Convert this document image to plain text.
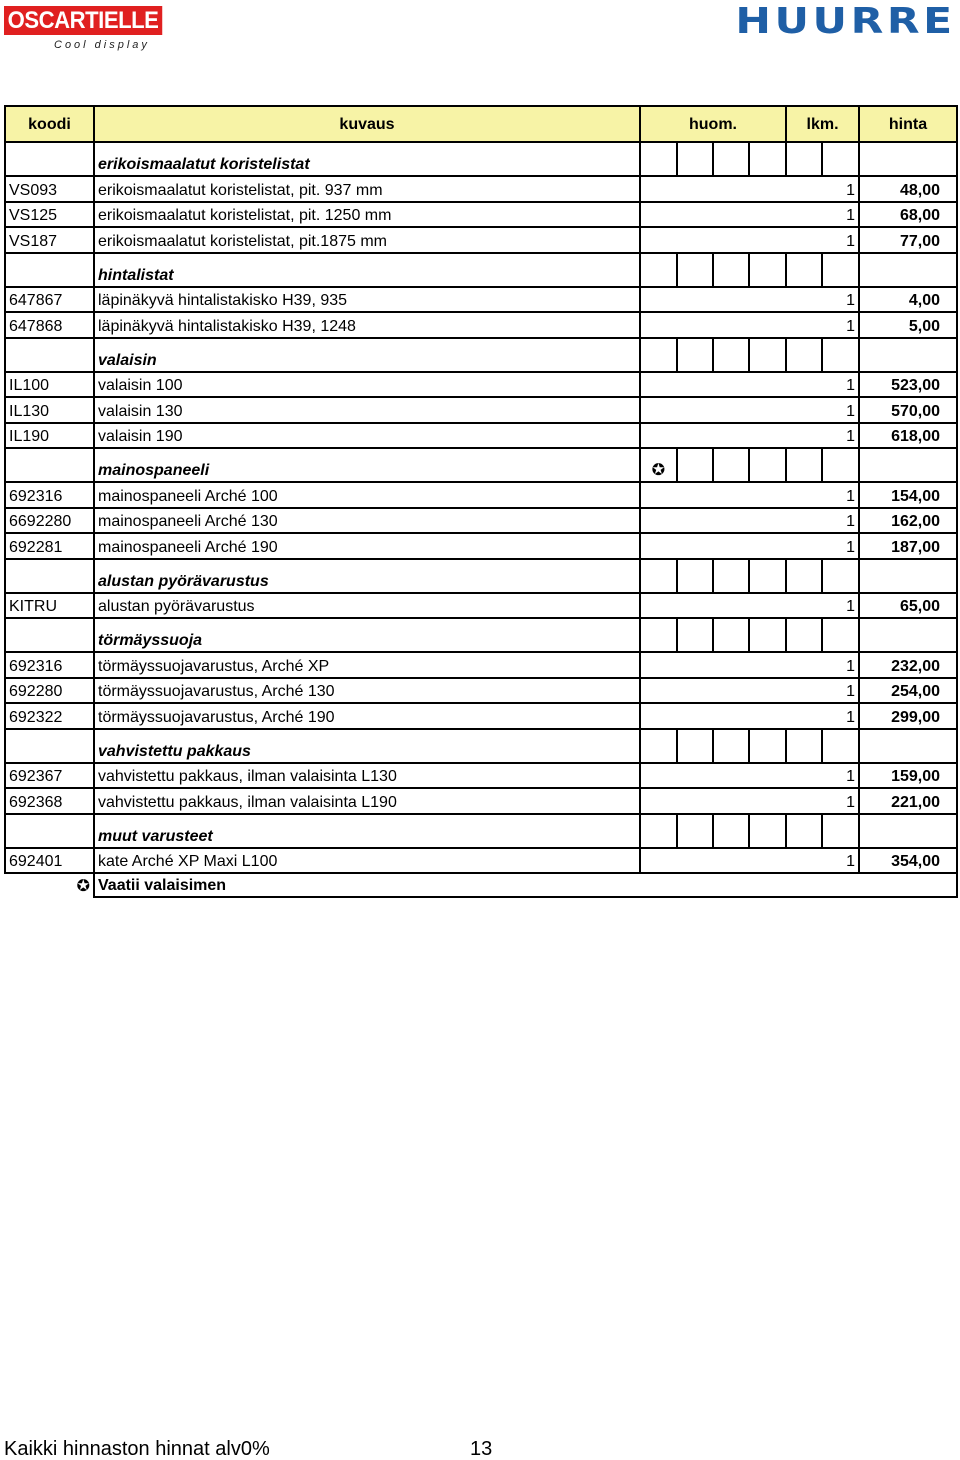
OSCARTIELLE
Cool display
HUURRE
koodi	kuvaus	huom.				lkm.		hinta
	erikoismaalatut koristelistat							
VS093	erikoismaalatut koristelistat, pit. 937 mm	1						48,00
VS125	erikoismaalatut koristelistat, pit. 1250 mm	1						68,00
VS187	erikoismaalatut koristelistat, pit.1875 mm	1						77,00
	hintalistat							
647867	läpinäkyvä hintalistakisko H39, 935	1						4,00
647868	läpinäkyvä hintalistakisko H39, 1248	1						5,00
	valaisin							
IL100	valaisin 100	1						523,00
IL130	valaisin 130	1						570,00
IL190	valaisin 190	1						618,00
	mainospaneeli	✪						
692316	mainospaneeli Arché 100	1						154,00
6692280	mainospaneeli Arché 130	1						162,00
692281	mainospaneeli Arché 190	1						187,00
	alustan pyörävarustus							
KITRU	alustan pyörävarustus	1						65,00
	törmäyssuoja							
692316	törmäyssuojavarustus, Arché XP	1						232,00
692280	törmäyssuojavarustus, Arché 130	1						254,00
692322	törmäyssuojavarustus, Arché 190	1						299,00
	vahvistettu pakkaus							
692367	vahvistettu pakkaus, ilman valaisinta L130	1						159,00
692368	vahvistettu pakkaus, ilman valaisinta L190	1						221,00
	muut varusteet							
692401	kate Arché XP Maxi L100	1						354,00
✪	Vaatii valaisimen							
Kaikki hinnaston hinnat alv0%	13
